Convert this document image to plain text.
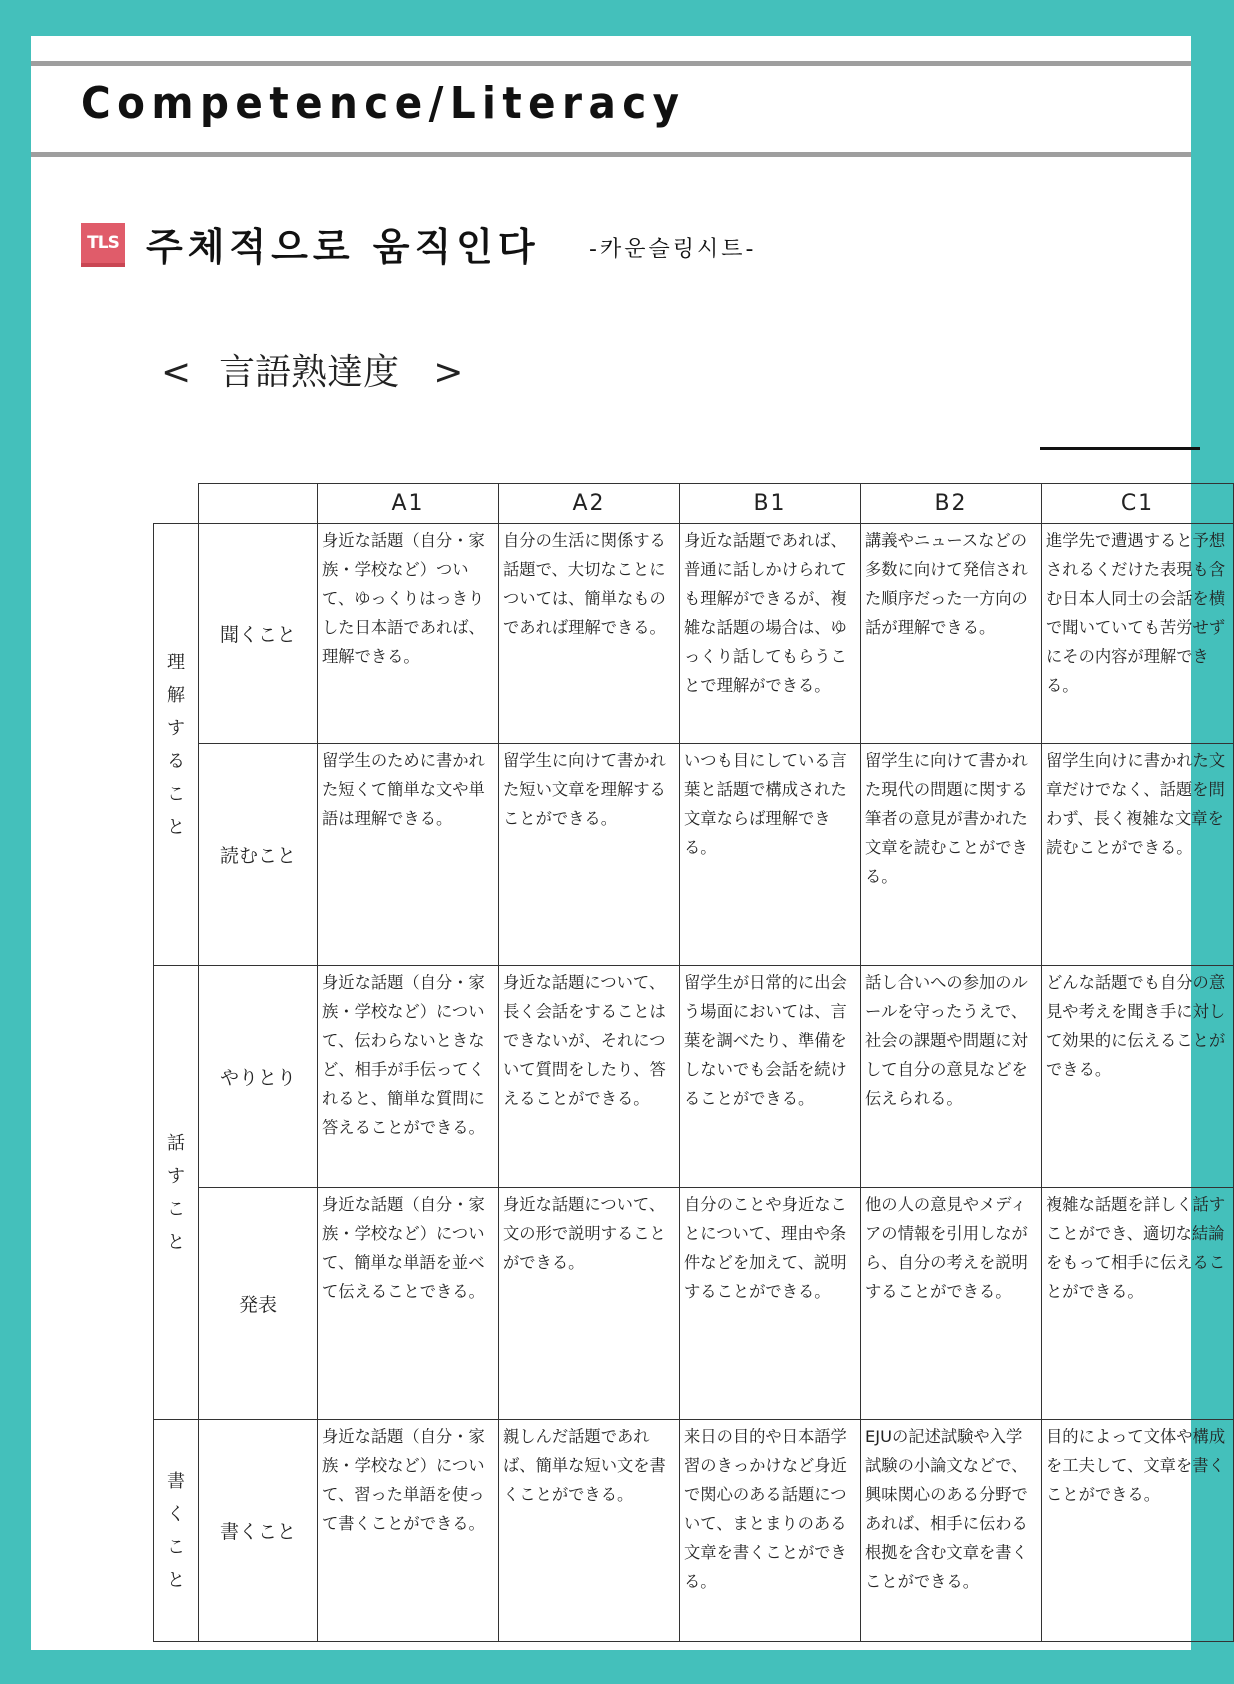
Competence/Literacy
TLS 주체적으로 움직인다 -카운슬링시트-
< 言語熟達度 >
		A1	A2	B1	B2	C1
理解すること	聞くこと	身近な話題（自分・家族・学校など）ついて、ゆっくりはっきりした日本語であれば、理解できる。	自分の生活に関係する話題で、大切なことについては、簡単なものであれば理解できる。	身近な話題であれば、普通に話しかけられても理解ができるが、複雑な話題の場合は、ゆっくり話してもらうことで理解ができる。	講義やニュースなどの多数に向けて発信された順序だった一方向の話が理解できる。	進学先で遭遇すると予想されるくだけた表現も含む日本人同士の会話を横で聞いていても苦労せずにその内容が理解できる。
	読むこと	留学生のために書かれた短くて簡単な文や単語は理解できる。	留学生に向けて書かれた短い文章を理解することができる。	いつも目にしている言葉と話題で構成された文章ならば理解できる。	留学生に向けて書かれた現代の問題に関する筆者の意見が書かれた文章を読むことができる。	留学生向けに書かれた文章だけでなく、話題を問わず、長く複雑な文章を読むことができる。
話すこと	やりとり	身近な話題（自分・家族・学校など）について、伝わらないときなど、相手が手伝ってくれると、簡単な質問に答えることができる。	身近な話題について、長く会話をすることはできないが、それについて質問をしたり、答えることができる。	留学生が日常的に出会う場面においては、言葉を調べたり、準備をしないでも会話を続けることができる。	話し合いへの参加のルールを守ったうえで、社会の課題や問題に対して自分の意見などを伝えられる。	どんな話題でも自分の意見や考えを聞き手に対して効果的に伝えることができる。
	発表	身近な話題（自分・家族・学校など）について、簡単な単語を並べて伝えることできる。	身近な話題について、文の形で説明することができる。	自分のことや身近なことについて、理由や条件などを加えて、説明することができる。	他の人の意見やメディアの情報を引用しながら、自分の考えを説明することができる。	複雑な話題を詳しく話すことができ、適切な結論をもって相手に伝えることができる。
書くこと	書くこと	身近な話題（自分・家族・学校など）について、習った単語を使って書くことができる。	親しんだ話題であれば、簡単な短い文を書くことができる。	来日の目的や日本語学習のきっかけなど身近で関心のある話題について、まとまりのある文章を書くことができる。	EJUの記述試験や入学試験の小論文などで、興味関心のある分野であれば、相手に伝わる根拠を含む文章を書くことができる。	目的によって文体や構成を工夫して、文章を書くことができる。
